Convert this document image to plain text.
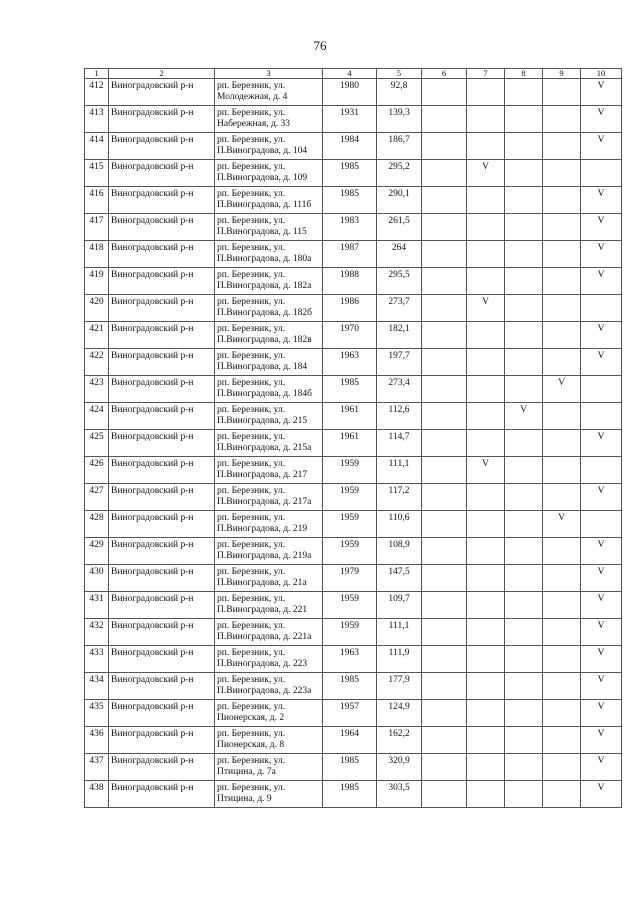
76
1	2	3	4	5	6	7	8	9	10
412	Виноградовский р-н	рп. Березник, ул.
Молодежная, д. 4	1980	92,8					V
413	Виноградовский р-н	рп. Березник, ул.
Набережная, д. 33	1931	139,3					V
414	Виноградовский р-н	рп. Березник, ул.
П.Виноградова, д. 104	1984	186,7					V
415	Виноградовский р-н	рп. Березник, ул.
П.Виноградова, д. 109	1985	295,2		V			
416	Виноградовский р-н	рп. Березник, ул.
П.Виноградова, д. 111б	1985	290,1					V
417	Виноградовский р-н	рп. Березник, ул.
П.Виноградова, д. 115	1983	261,5					V
418	Виноградовский р-н	рп. Березник, ул.
П.Виноградова, д. 180а	1987	264					V
419	Виноградовский р-н	рп. Березник, ул.
П.Виноградова, д. 182а	1988	295,5					V
420	Виноградовский р-н	рп. Березник, ул.
П.Виноградова, д. 182б	1986	273,7		V			
421	Виноградовский р-н	рп. Березник, ул.
П.Виноградова, д. 182в	1970	182,1					V
422	Виноградовский р-н	рп. Березник, ул.
П.Виноградова, д. 184	1963	197,7					V
423	Виноградовский р-н	рп. Березник, ул.
П.Виноградова, д. 184б	1985	273,4				V	
424	Виноградовский р-н	рп. Березник, ул.
П.Виноградова, д. 215	1961	112,6			V		
425	Виноградовский р-н	рп. Березник, ул.
П.Виноградова, д. 215а	1961	114,7					V
426	Виноградовский р-н	рп. Березник, ул.
П.Виноградова, д. 217	1959	111,1		V			
427	Виноградовский р-н	рп. Березник, ул.
П.Виноградова, д. 217а	1959	117,2					V
428	Виноградовский р-н	рп. Березник, ул.
П.Виноградова, д. 219	1959	110,6				V	
429	Виноградовский р-н	рп. Березник, ул.
П.Виноградова, д. 219а	1959	108,9					V
430	Виноградовский р-н	рп. Березник, ул.
П.Виноградова, д. 21а	1979	147,5					V
431	Виноградовский р-н	рп. Березник, ул.
П.Виноградова, д. 221	1959	109,7					V
432	Виноградовский р-н	рп. Березник, ул.
П.Виноградова, д. 221а	1959	111,1					V
433	Виноградовский р-н	рп. Березник, ул.
П.Виноградова, д. 223	1963	111,9					V
434	Виноградовский р-н	рп. Березник, ул.
П.Виноградова, д. 223а	1985	177,9					V
435	Виноградовский р-н	рп. Березник, ул.
Пионерская, д. 2	1957	124,9					V
436	Виноградовский р-н	рп. Березник, ул.
Пионерская, д. 8	1964	162,2					V
437	Виноградовский р-н	рп. Березник, ул.
Птицина, д. 7а	1985	320,9					V
438	Виноградовский р-н	рп. Березник, ул.
Птицина, д. 9	1985	303,5					V
